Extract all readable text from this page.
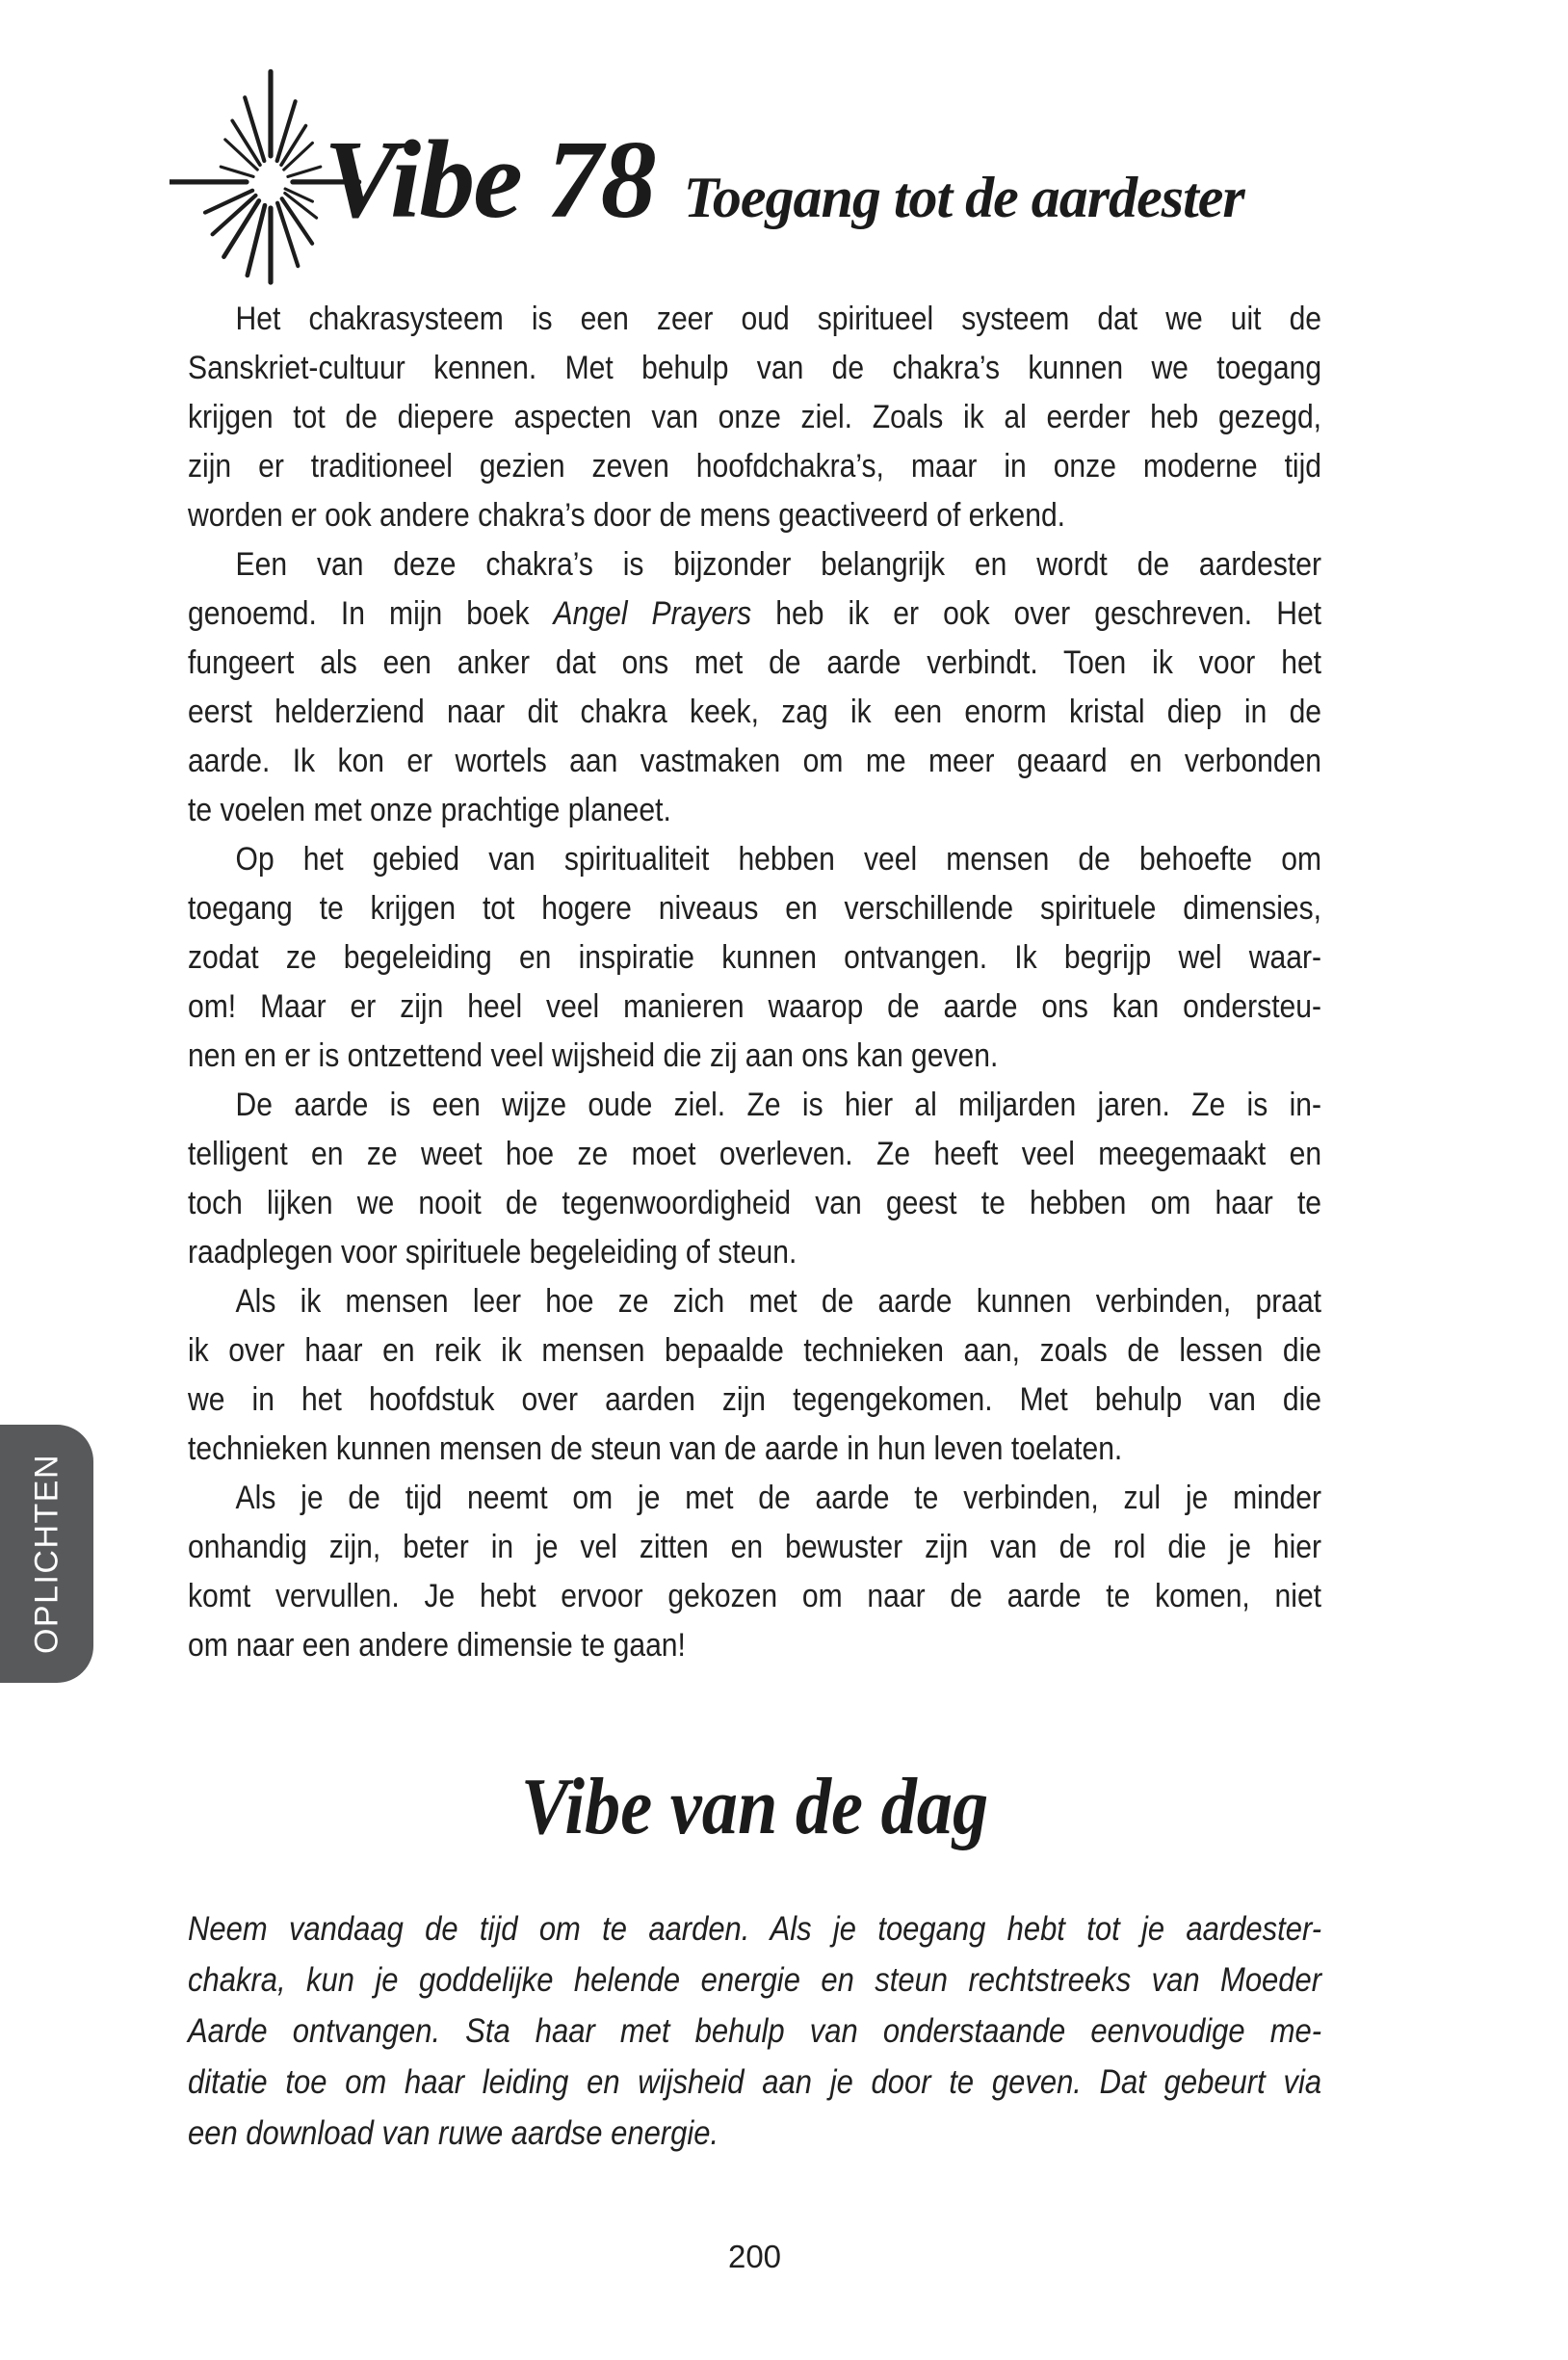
Vibe 78 Toegang tot de aardester
Het chakrasysteem is een zeer oud spiritueel systeem dat we uit de
Sanskriet-cultuur kennen. Met behulp van de chakra’s kunnen we toegang
krijgen tot de diepere aspecten van onze ziel. Zoals ik al eerder heb gezegd,
zijn er traditioneel gezien zeven hoofdchakra’s, maar in onze moderne tijd
worden er ook andere chakra’s door de mens geactiveerd of erkend.
Een van deze chakra’s is bijzonder belangrijk en wordt de aardester
genoemd. In mijn boek Angel Prayers heb ik er ook over geschreven. Het
fungeert als een anker dat ons met de aarde verbindt. Toen ik voor het
eerst helderziend naar dit chakra keek, zag ik een enorm kristal diep in de
aarde. Ik kon er wortels aan vastmaken om me meer geaard en verbonden
te voelen met onze prachtige planeet.
Op het gebied van spiritualiteit hebben veel mensen de behoefte om
toegang te krijgen tot hogere niveaus en verschillende spirituele dimensies,
zodat ze begeleiding en inspiratie kunnen ontvangen. Ik begrijp wel waar-
om! Maar er zijn heel veel manieren waarop de aarde ons kan ondersteu-
nen en er is ontzettend veel wijsheid die zij aan ons kan geven.
De aarde is een wijze oude ziel. Ze is hier al miljarden jaren. Ze is in-
telligent en ze weet hoe ze moet overleven. Ze heeft veel meegemaakt en
toch lijken we nooit de tegenwoordigheid van geest te hebben om haar te
raadplegen voor spirituele begeleiding of steun.
Als ik mensen leer hoe ze zich met de aarde kunnen verbinden, praat
ik over haar en reik ik mensen bepaalde technieken aan, zoals de lessen die
we in het hoofdstuk over aarden zijn tegengekomen. Met behulp van die
technieken kunnen mensen de steun van de aarde in hun leven toelaten.
Als je de tijd neemt om je met de aarde te verbinden, zul je minder
onhandig zijn, beter in je vel zitten en bewuster zijn van de rol die je hier
komt vervullen. Je hebt ervoor gekozen om naar de aarde te komen, niet
om naar een andere dimensie te gaan!
Vibe van de dag
Neem vandaag de tijd om te aarden. Als je toegang hebt tot je aardester-
chakra, kun je goddelijke helende energie en steun rechtstreeks van Moeder
Aarde ontvangen. Sta haar met behulp van onderstaande eenvoudige me-
ditatie toe om haar leiding en wijsheid aan je door te geven. Dat gebeurt via
een download van ruwe aardse energie.
OPLICHTEN
200
